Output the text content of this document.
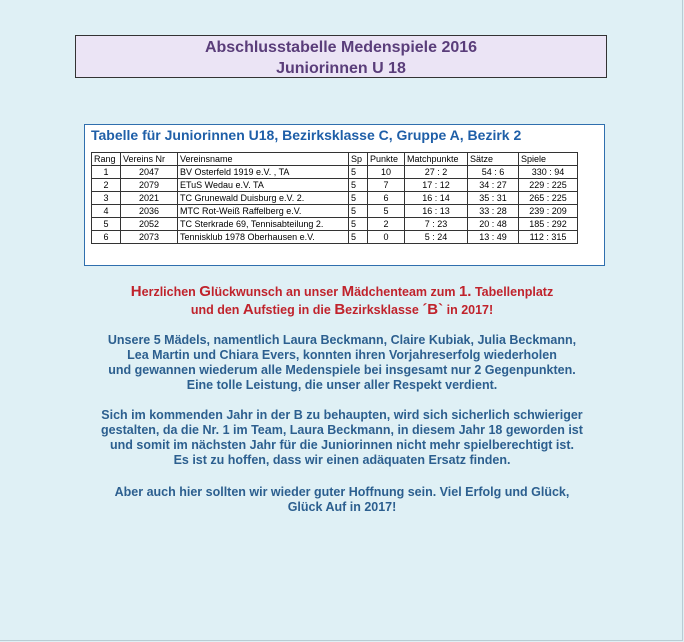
Abschlusstabelle Medenspiele 2016
Juniorinnen U 18
Tabelle für Juniorinnen U18, Bezirksklasse C, Gruppe A, Bezirk 2
Rang	Vereins Nr	Vereinsname	Sp	Punkte	Matchpunkte	Sätze	Spiele
1	2047	BV Osterfeld 1919 e.V. , TA	5	10	27 : 2	54 : 6	330 : 94
2	2079	ETuS Wedau e.V. TA	5	7	17 : 12	34 : 27	229 : 225
3	2021	TC Grunewald Duisburg e.V. 2.	5	6	16 : 14	35 : 31	265 : 225
4	2036	MTC Rot-Weiß Raffelberg e.V.	5	5	16 : 13	33 : 28	239 : 209
5	2052	TC Sterkrade 69, Tennisabteilung 2.	5	2	7 : 23	20 : 48	185 : 292
6	2073	Tennisklub 1978 Oberhausen e.V.	5	0	5 : 24	13 : 49	112 : 315
Herzlichen Glückwunsch an unser Mädchenteam zum 1. Tabellenplatz
und den Aufstieg in die Bezirksklasse ´B` in 2017!
Unsere 5 Mädels, namentlich Laura Beckmann, Claire Kubiak, Julia Beckmann,
Lea Martin und Chiara Evers, konnten ihren Vorjahreserfolg wiederholen
und gewannen wiederum alle Medenspiele bei insgesamt nur 2 Gegenpunkten.
Eine tolle Leistung, die unser aller Respekt verdient.
Sich im kommenden Jahr in der B zu behaupten, wird sich sicherlich schwieriger
gestalten, da die Nr. 1 im Team, Laura Beckmann, in diesem Jahr 18 geworden ist
und somit im nächsten Jahr für die Juniorinnen nicht mehr spielberechtigt ist.
Es ist zu hoffen, dass wir einen adäquaten Ersatz finden.
Aber auch hier sollten wir wieder guter Hoffnung sein. Viel Erfolg und Glück,
Glück Auf in 2017!
